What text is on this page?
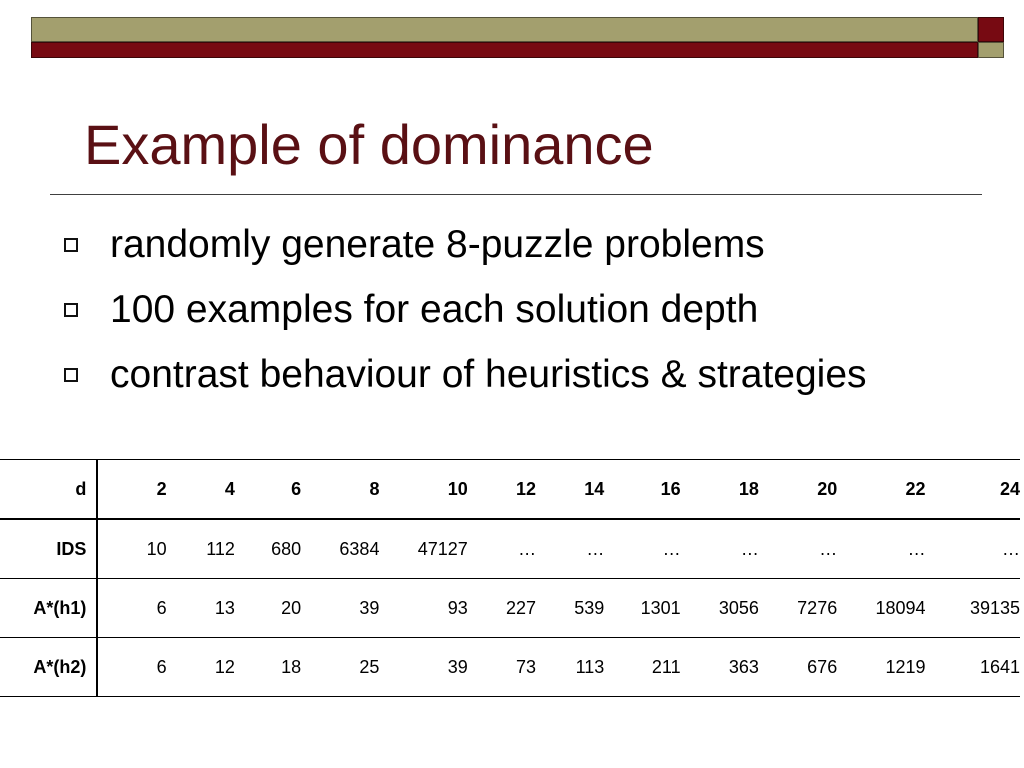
Example of dominance
randomly generate 8-puzzle problems
100 examples for each solution depth
contrast behaviour of heuristics & strategies
d	2	4	6	8	10	12	14	16	18	20	22	24
IDS	10	112	680	6384	47127	…	…	…	…	…	…	…
A*(h1)	6	13	20	39	93	227	539	1301	3056	7276	18094	39135
A*(h2)	6	12	18	25	39	73	113	211	363	676	1219	1641
